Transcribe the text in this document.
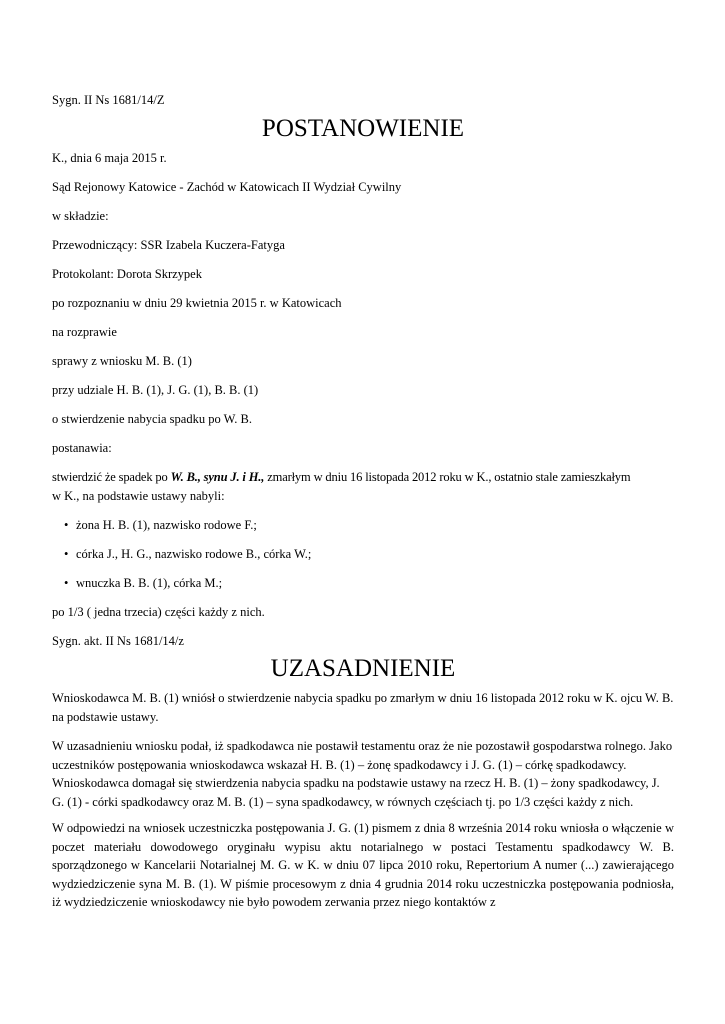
Sygn. II Ns 1681/14/Z
POSTANOWIENIE
K., dnia 6 maja 2015 r.
Sąd Rejonowy Katowice - Zachód w Katowicach II Wydział Cywilny
w składzie:
Przewodniczący: SSR Izabela Kuczera-Fatyga
Protokolant: Dorota Skrzypek
po rozpoznaniu w dniu 29 kwietnia 2015 r. w Katowicach
na rozprawie
sprawy z wniosku M. B. (1)
przy udziale H. B. (1), J. G. (1), B. B. (1)
o stwierdzenie nabycia spadku po W. B.
postanawia:
stwierdzić że spadek po W. B., synu J. i H., zmarłym w dniu 16 listopada 2012 roku w K., ostatnio stale zamieszkałym
w K., na podstawie ustawy nabyli:
• żona H. B. (1), nazwisko rodowe F.;
• córka J., H. G., nazwisko rodowe B., córka W.;
• wnuczka B. B. (1), córka M.;
po 1/3 ( jedna trzecia) części każdy z nich.
Sygn. akt. II Ns 1681/14/z
UZASADNIENIE
Wnioskodawca M. B. (1) wniósł o stwierdzenie nabycia spadku po zmarłym w dniu 16 listopada 2012 roku w K. ojcu W. B. na podstawie ustawy.
W uzasadnieniu wniosku podał, iż spadkodawca nie postawił testamentu oraz że nie pozostawił gospodarstwa rolnego. Jako uczestników postępowania wnioskodawca wskazał H. B. (1) – żonę spadkodawcy i J. G. (1) – córkę spadkodawcy. Wnioskodawca domagał się stwierdzenia nabycia spadku na podstawie ustawy na rzecz H. B. (1) – żony spadkodawcy, J. G. (1) - córki spadkodawcy oraz M. B. (1) – syna spadkodawcy, w równych częściach tj. po 1/3 części każdy z nich.
W odpowiedzi na wniosek uczestniczka postępowania J. G. (1) pismem z dnia 8 września 2014 roku wniosła o włączenie w poczet materiału dowodowego oryginału wypisu aktu notarialnego w postaci Testamentu spadkodawcy W. B. sporządzonego w Kancelarii Notarialnej M. G. w K. w dniu 07 lipca 2010 roku, Repertorium A numer (...) zawierającego wydziedziczenie syna M. B. (1). W piśmie procesowym z dnia 4 grudnia 2014 roku uczestniczka postępowania podniosła, iż wydziedziczenie wnioskodawcy nie było powodem zerwania przez niego kontaktów z
